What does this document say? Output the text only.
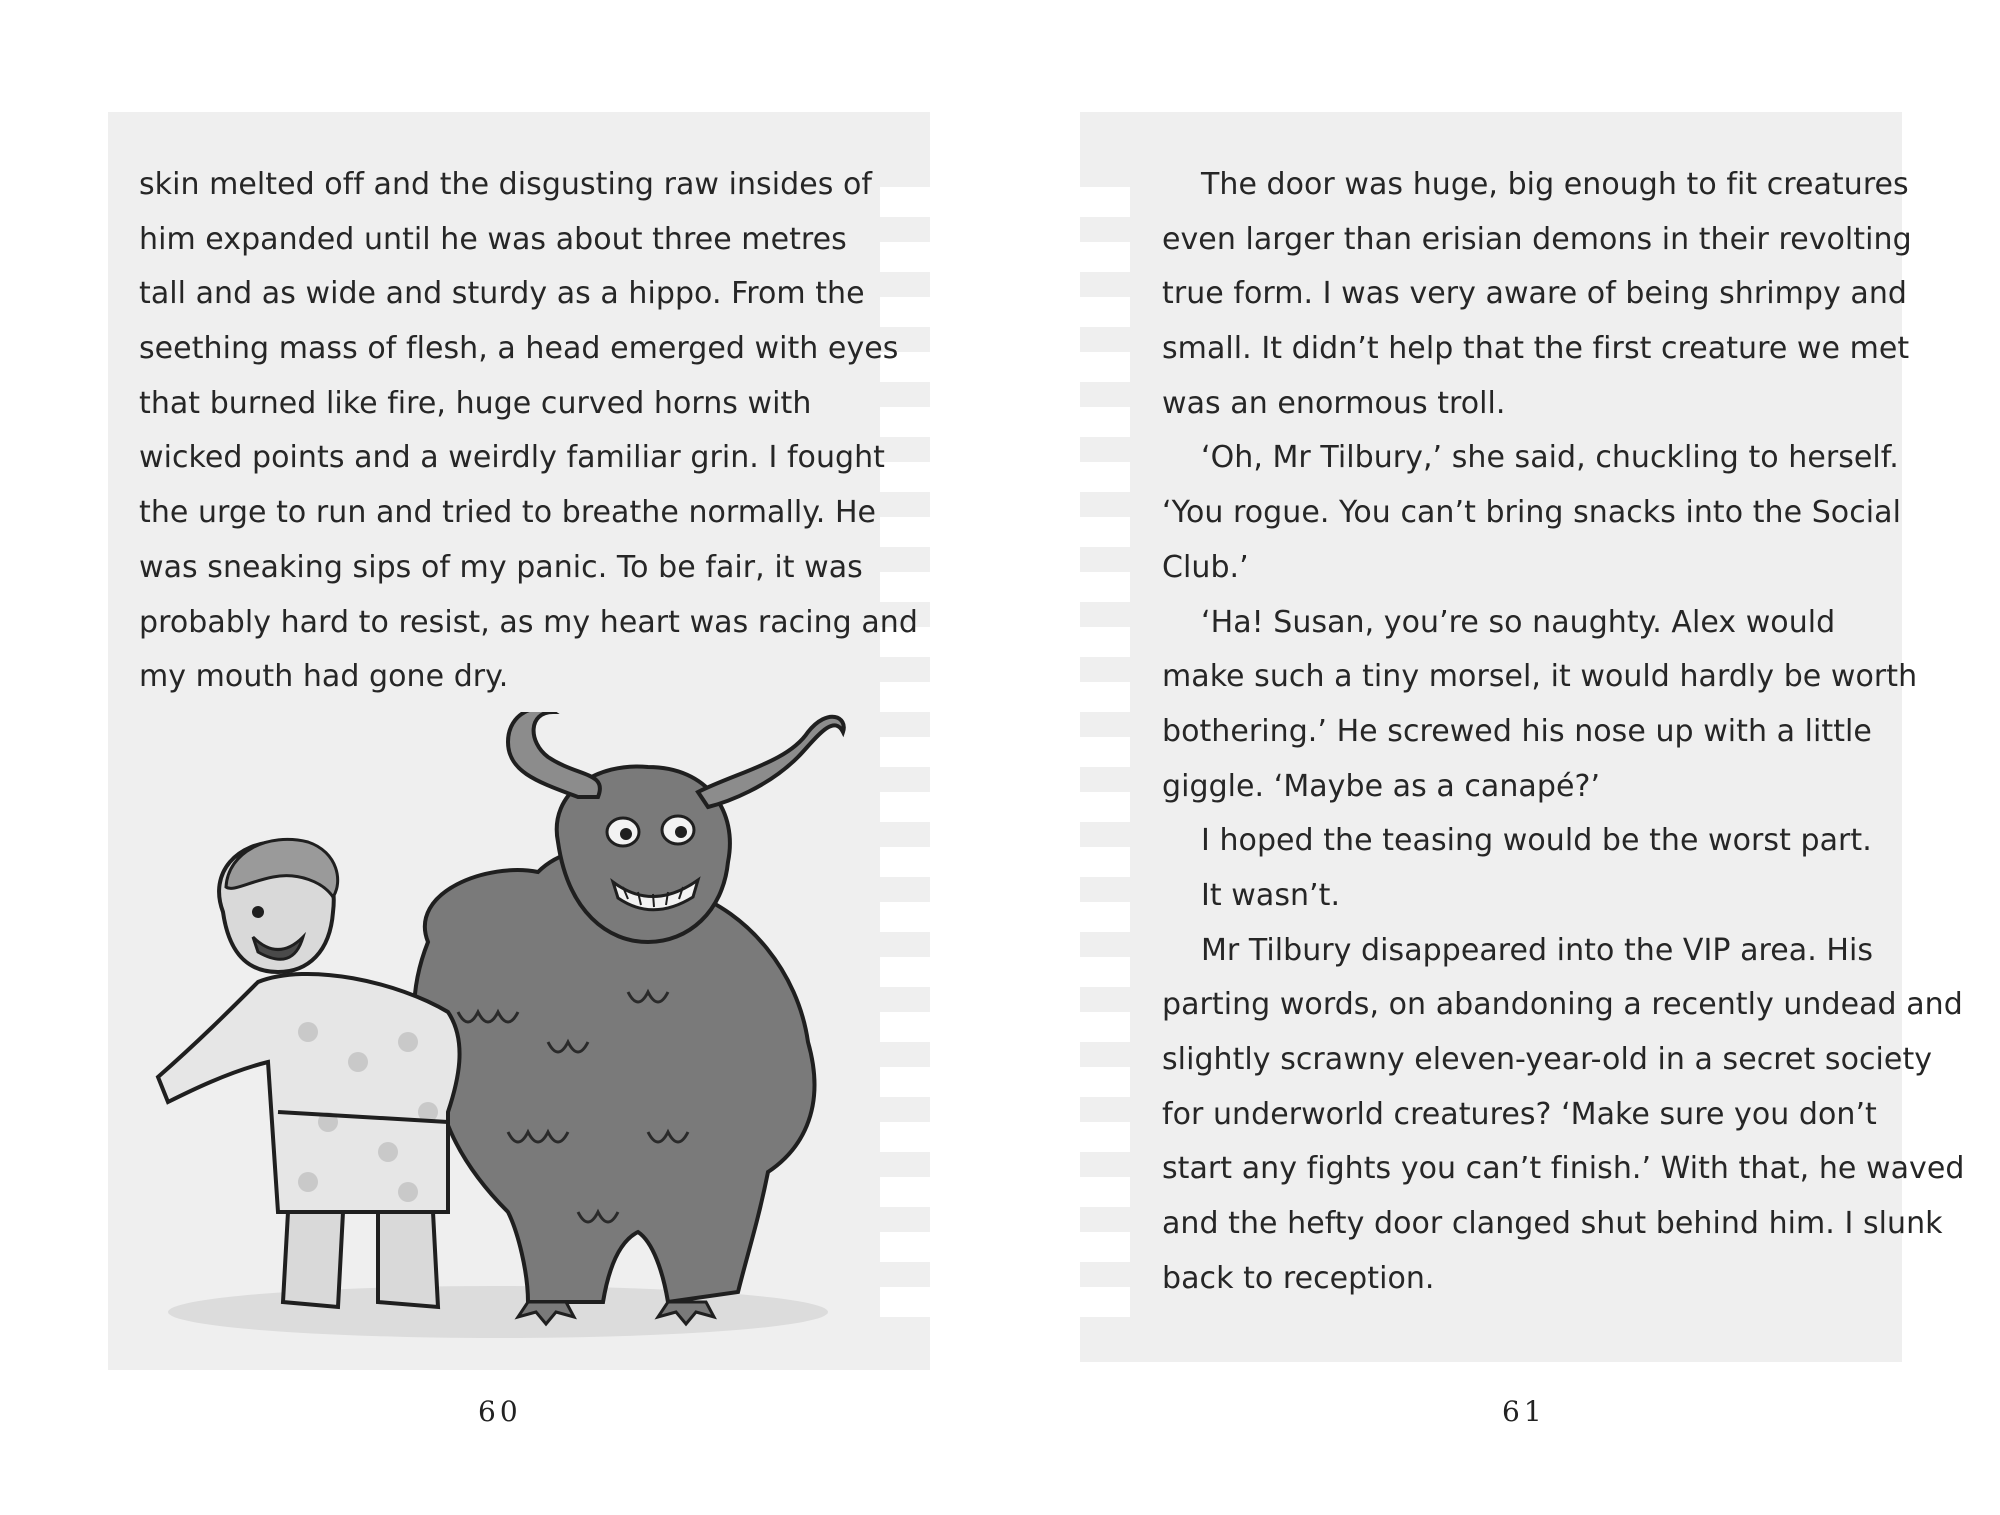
skin melted off and the disgusting raw insides of
him expanded until he was about three metres
tall and as wide and sturdy as a hippo. From the
seething mass of flesh, a head emerged with eyes
that burned like fire, huge curved horns with
wicked points and a weirdly familiar grin. I fought
the urge to run and tried to breathe normally. He
was sneaking sips of my panic. To be fair, it was
probably hard to resist, as my heart was racing and
my mouth had gone dry.
60
The door was huge, big enough to fit creatures
even larger than erisian demons in their revolting
true form. I was very aware of being shrimpy and
small. It didn’t help that the first creature we met
was an enormous troll.
‘Oh, Mr Tilbury,’ she said, chuckling to herself.
‘You rogue. You can’t bring snacks into the Social
Club.’
‘Ha! Susan, you’re so naughty. Alex would
make such a tiny morsel, it would hardly be worth
bothering.’ He screwed his nose up with a little
giggle. ‘Maybe as a canapé?’
I hoped the teasing would be the worst part.
It wasn’t.
Mr Tilbury disappeared into the VIP area. His
parting words, on abandoning a recently undead and
slightly scrawny eleven-year-old in a secret society
for underworld creatures? ‘Make sure you don’t
start any fights you can’t finish.’ With that, he waved
and the hefty door clanged shut behind him. I slunk
back to reception.
61
